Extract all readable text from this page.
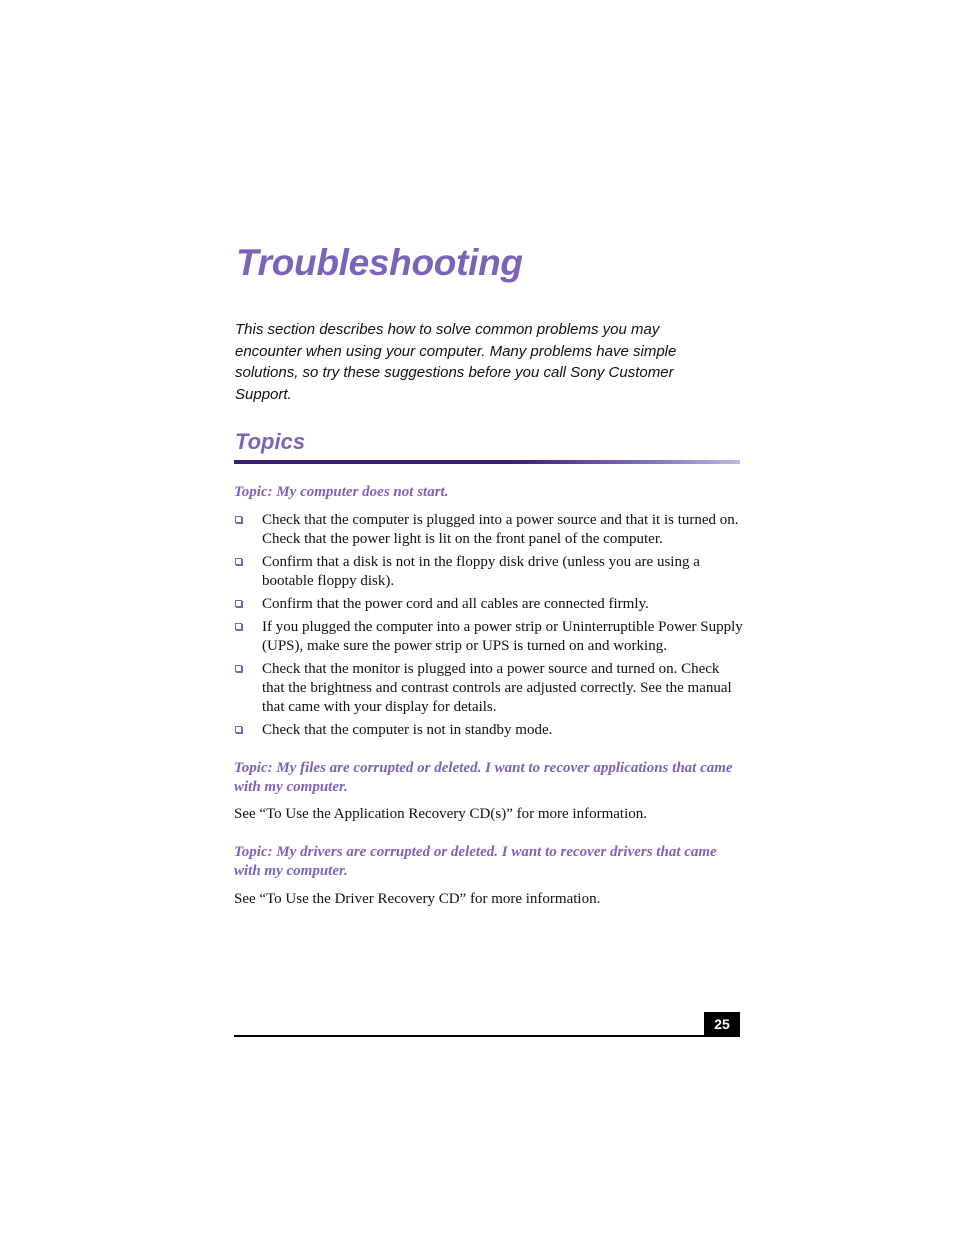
Troubleshooting

This section describes how to solve common problems you may encounter when using your computer. Many problems have simple solutions, so try these suggestions before you call Sony Customer Support.

Topics
Topic: My computer does not start.
Check that the computer is plugged into a power source and that it is turned on. Check that the power light is lit on the front panel of the computer.
Confirm that a disk is not in the floppy disk drive (unless you are using a bootable floppy disk).
Confirm that the power cord and all cables are connected firmly.
If you plugged the computer into a power strip or Uninterruptible Power Supply (UPS), make sure the power strip or UPS is turned on and working.
Check that the monitor is plugged into a power source and turned on. Check that the brightness and contrast controls are adjusted correctly. See the manual that came with your display for details.
Check that the computer is not in standby mode.
Topic: My files are corrupted or deleted. I want to recover applications that came with my computer.

See “To Use the Application Recovery CD(s)” for more information.

Topic: My drivers are corrupted or deleted. I want to recover drivers that came with my computer.

See “To Use the Driver Recovery CD” for more information.

25
